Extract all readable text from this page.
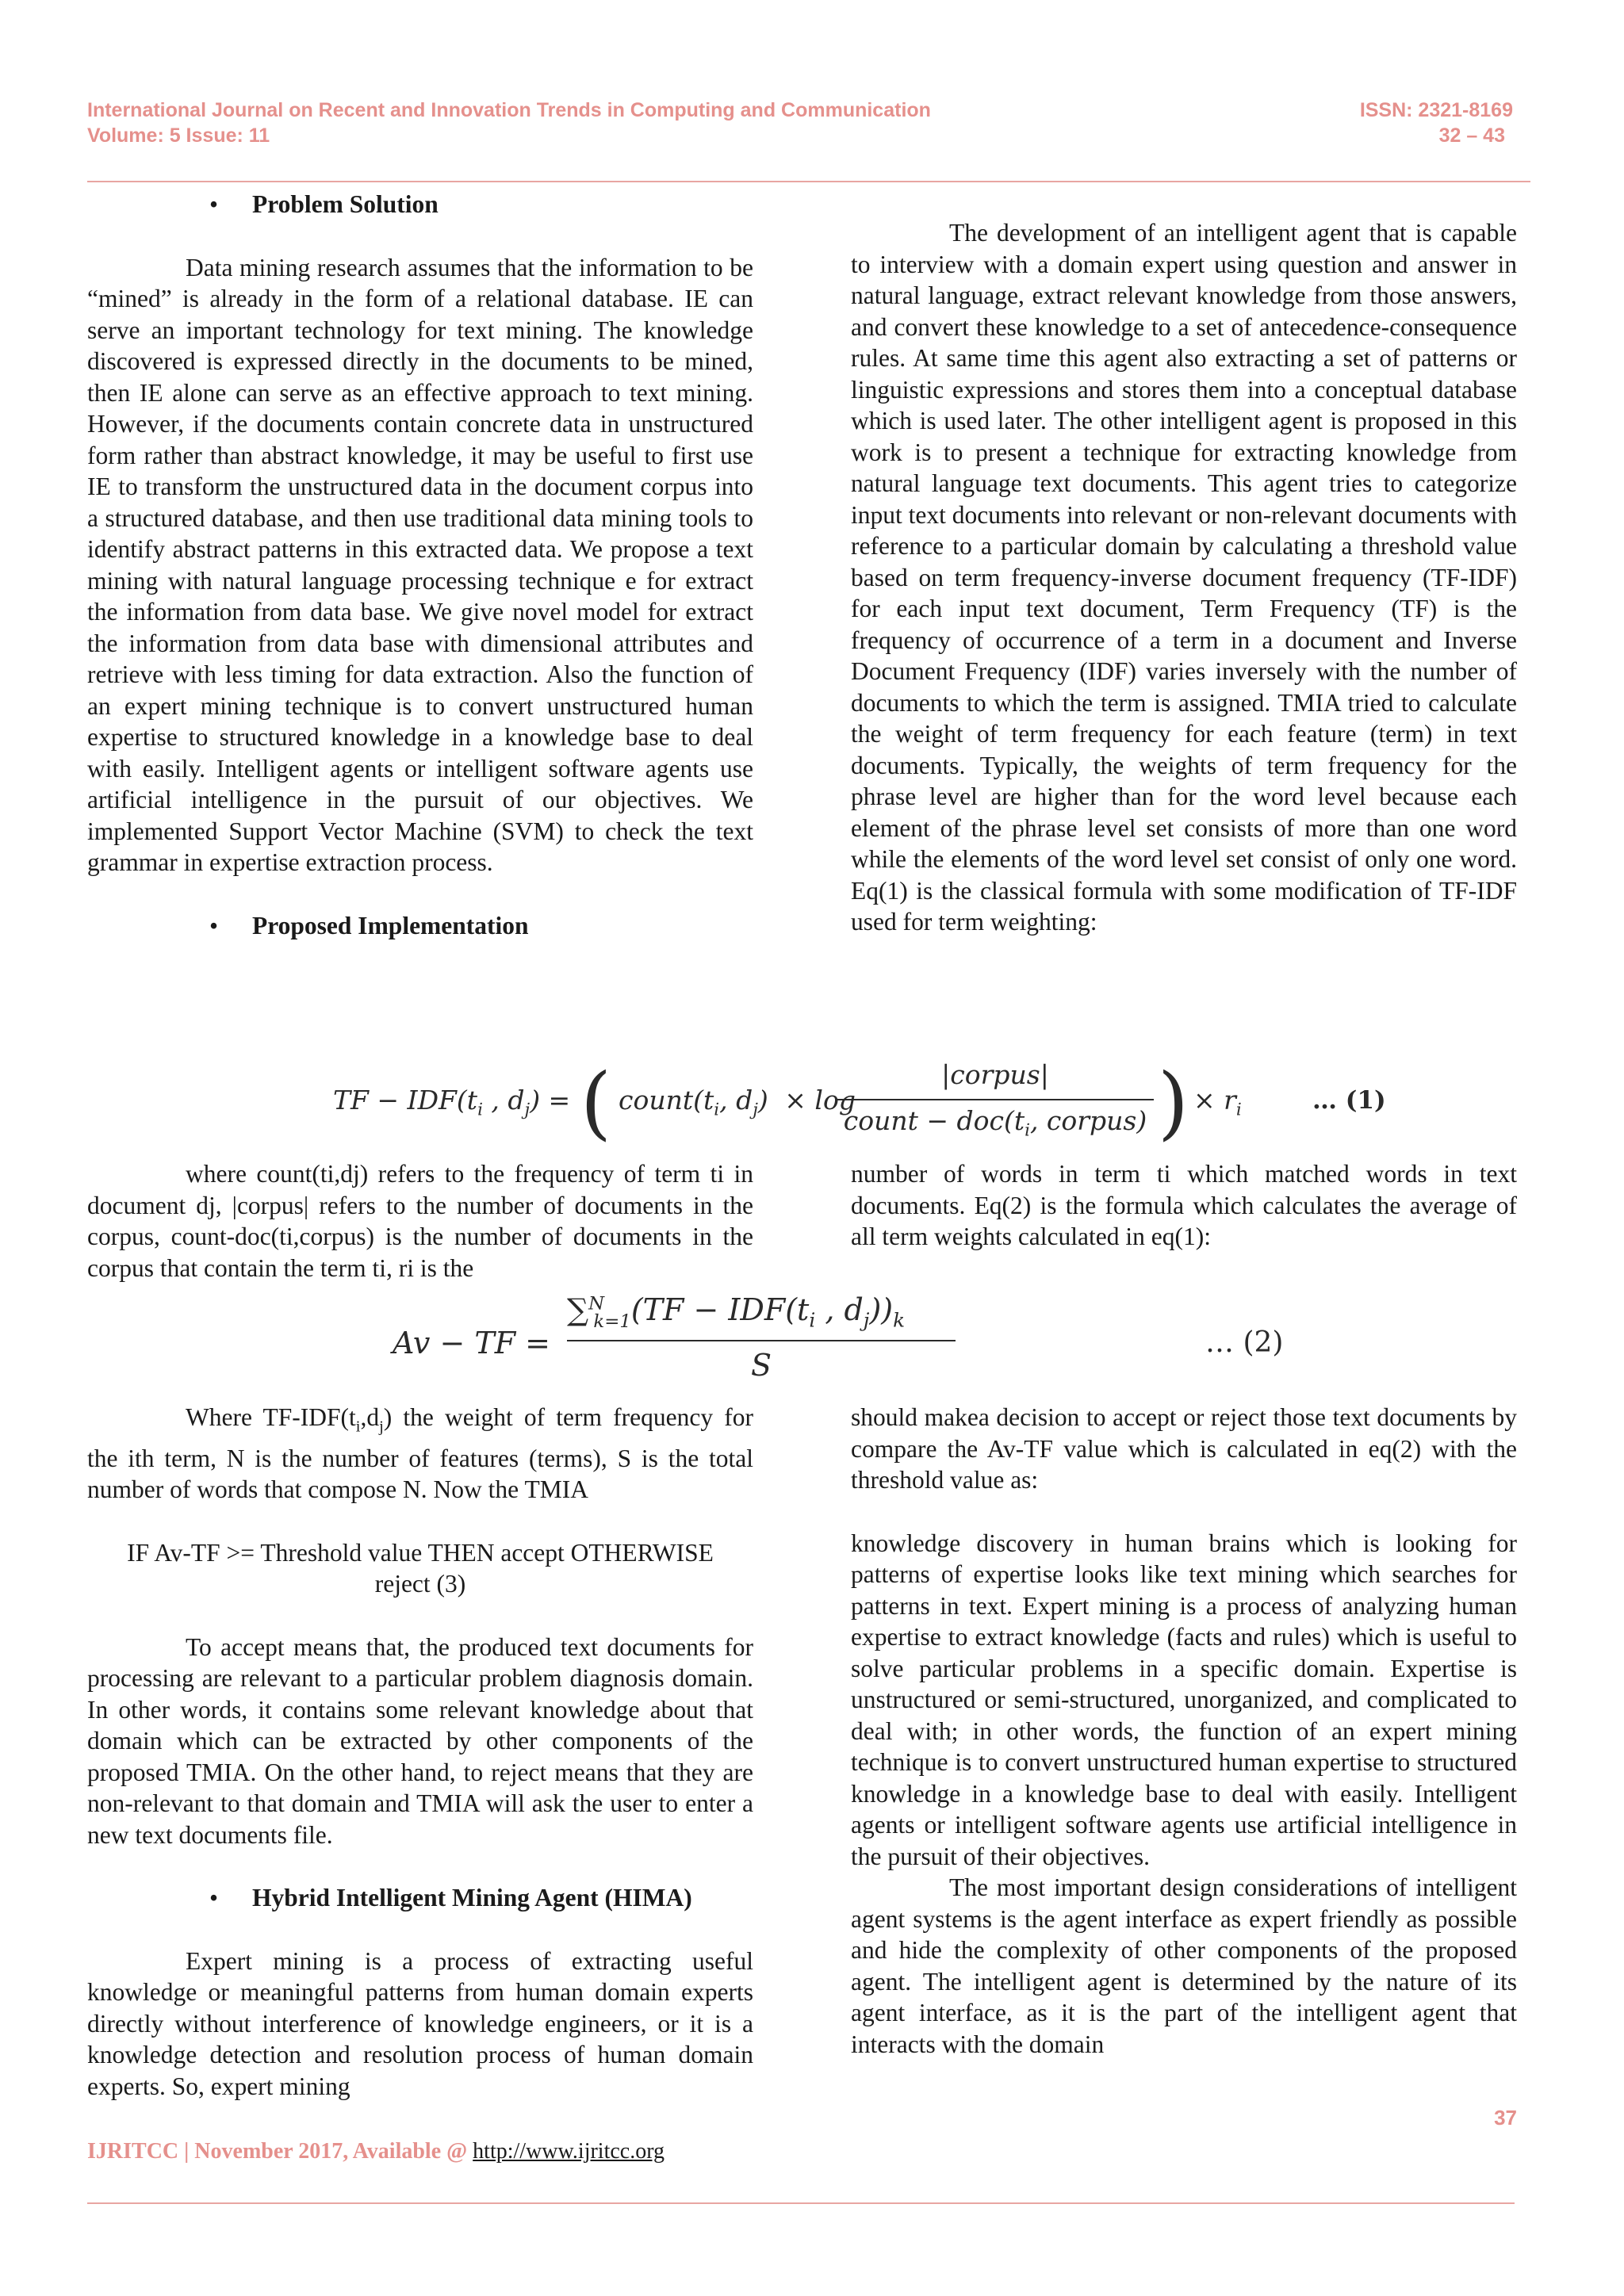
International Journal on Recent and Innovation Trends in Computing and Communication
Volume: 5 Issue: 11
ISSN: 2321-8169
32 – 43

•	Problem Solution

Data mining research assumes that the information to be “mined” is already in the form of a relational database. IE can serve an important technology for text mining. The knowledge discovered is expressed directly in the documents to be mined, then IE alone can serve as an effective approach to text mining. However, if the documents contain concrete data in unstructured form rather than abstract knowledge, it may be useful to first use IE to transform the unstructured data in the document corpus into a structured database, and then use traditional data mining tools to identify abstract patterns in this extracted data. We propose a text mining with natural language processing technique e for extract the information from data base. We give novel model for extract the information from data base with dimensional attributes and retrieve with less timing for data extraction. Also the function of an expert mining technique is to convert unstructured human expertise to structured knowledge in a knowledge base to deal with easily. Intelligent agents or intelligent software agents use artificial intelligence in the pursuit of our objectives. We implemented Support Vector Machine (SVM) to check the text grammar in expertise extraction process.

•	Proposed Implementation

The development of an intelligent agent that is capable to interview with a domain expert using question and answer in natural language, extract relevant knowledge from those answers, and convert these knowledge to a set of antecedence-consequence rules. At same time this agent also extracting a set of patterns or linguistic expressions and stores them into a conceptual database which is used later. The other intelligent agent is proposed in this work is to present a technique for extracting knowledge from natural language text documents. This agent tries to categorize input text documents into relevant or non-relevant documents with reference to a particular domain by calculating a threshold value based on term frequency-inverse document frequency (TF-IDF) for each input text document, Term Frequency (TF) is the frequency of occurrence of a term in a document and Inverse Document Frequency (IDF) varies inversely with the number of documents to which the term is assigned. TMIA tried to calculate the weight of term frequency for each feature (term) in text documents. Typically, the weights of term frequency for the phrase level are higher than for the word level because each element of the phrase level set consists of more than one word while the elements of the word level set consist of only one word. Eq(1) is the classical formula with some modification of TF-IDF used for term weighting:

TF − $IDF(t_i$ , $d_j$) = ( $count(t_i$, $d_j) \times \log$
|corpus|
count − $doc(t_i$, corpus) ) × $r_i$	… (1)

where count(ti,dj) refers to the frequency of term ti in document dj, |corpus| refers to the number of documents in the corpus, count-doc(ti,corpus) is the number of documents in the corpus that contain the term ti, ri is the

number of words in term ti which matched words in text documents. Eq(2) is the formula which calculates the average of all term weights calculated in eq(1):

Av − TF =
$\sum^N_{k=1}(TF - IDF(t_i$ , $d_j))_k$
S
… (2)

Where $TF-IDF(t_i,d_j)$ the weight of term frequency for the ith term, N is the number of features (terms), S is the total number of words that compose N. Now the TMIA

IF Av-TF >= Threshold value THEN accept OTHERWISE

reject (3)

To accept means that, the produced text documents for processing are relevant to a particular problem diagnosis domain. In other words, it contains some relevant knowledge about that domain which can be extracted by other components of the proposed TMIA. On the other hand, to reject means that they are non-relevant to that domain and TMIA will ask the user to enter a new text documents file.

•	Hybrid Intelligent Mining Agent (HIMA)

Expert mining is a process of extracting useful knowledge or meaningful patterns from human domain experts directly without interference of knowledge engineers, or it is a knowledge detection and resolution process of human domain experts. So, expert mining

should makea decision to accept or reject those text documents by compare the Av-TF value which is calculated in eq(2) with the threshold value as:

knowledge discovery in human brains which is looking for patterns of expertise looks like text mining which searches for patterns in text. Expert mining is a process of analyzing human expertise to extract knowledge (facts and rules) which is useful to solve particular problems in a specific domain. Expertise is unstructured or semi-structured, unorganized, and complicated to deal with; in other words, the function of an expert mining technique is to convert unstructured human expertise to structured knowledge in a knowledge base to deal with easily. Intelligent agents or intelligent software agents use artificial intelligence in the pursuit of their objectives.

The most important design considerations of intelligent agent systems is the agent interface as expert friendly as possible and hide the complexity of other components of the proposed agent. The intelligent agent is determined by the nature of its agent interface, as it is the part of the intelligent agent that interacts with the domain

37
IJRITCC | November 2017, Available @ http://www.ijritcc.org
